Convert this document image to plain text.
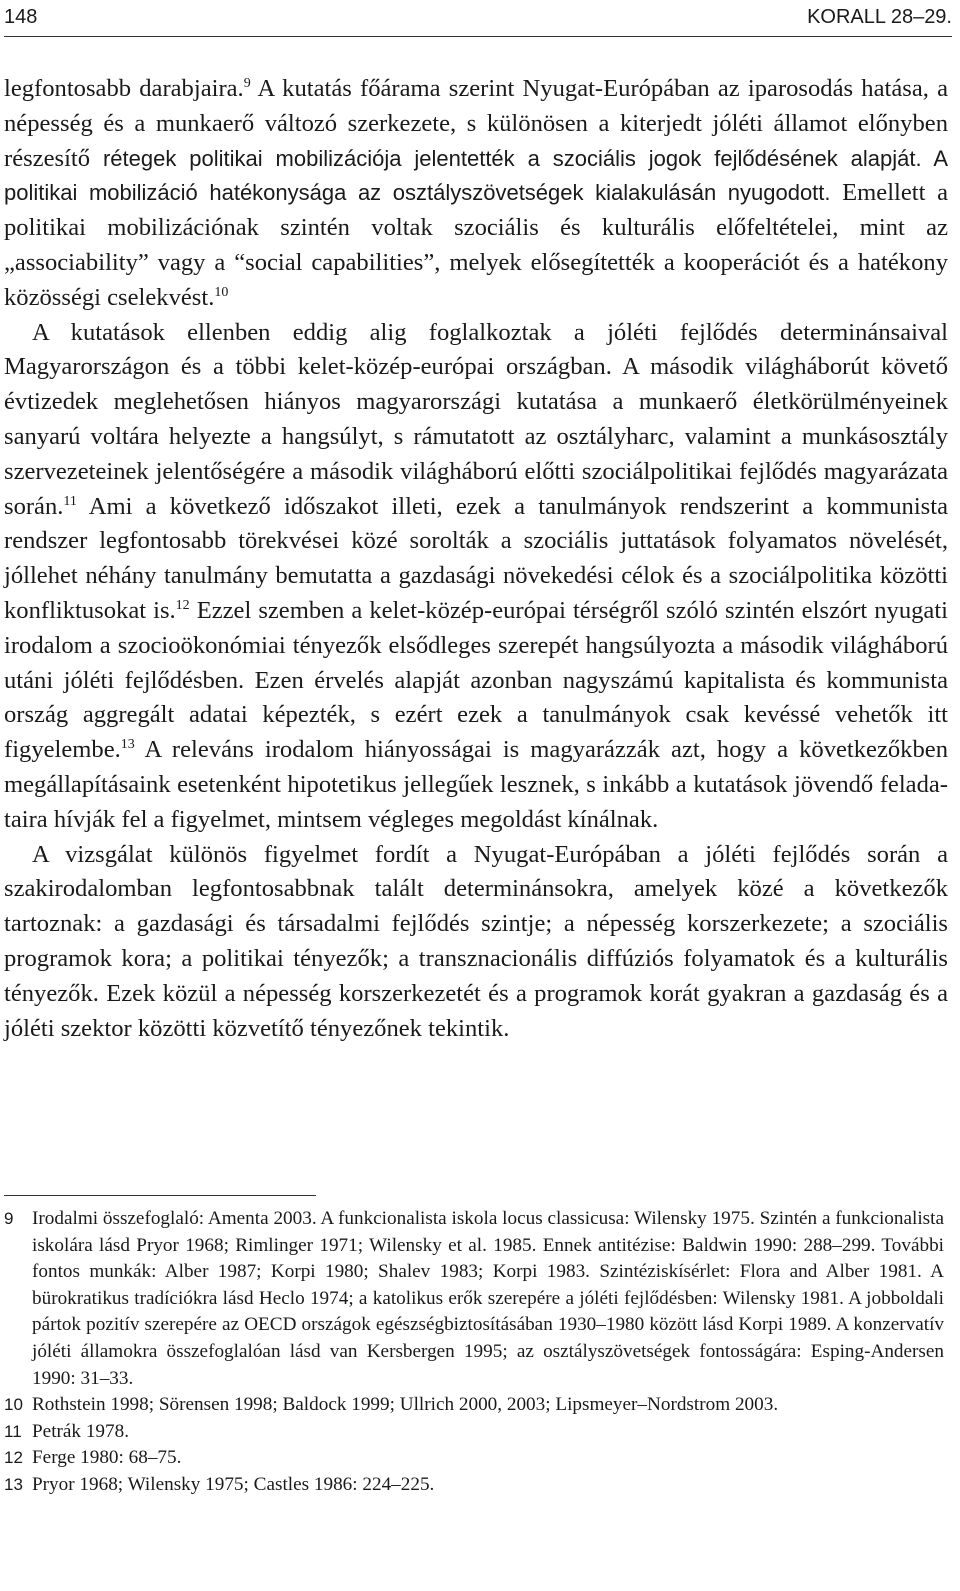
148	KORALL 28–29.

legfontosabb darabjaira.$^9$ A kutatás főárama szerint Nyugat-Európában az iparosodás hatása, a népesség és a munkaerő változó szerkezete, s különösen a kiterjedt jóléti államot előnyben részesítő rétegek politikai mobilizációja jelentették a szociális jogok fejlődésének alapját. A politikai mobilizáció hatékonysága az osztályszövetségek kialakulásán nyugodott. Emellett a politikai mobilizációnak szintén voltak szociális és kulturális előfeltételei, mint az „associability” vagy a “social capabilities”, melyek elősegítették a kooperációt és a hatékony közösségi cselekvést.$^{10}$

A kutatások ellenben eddig alig foglalkoztak a jóléti fejlődés determinánsaival Magyarországon és a többi kelet-közép-európai országban. A második világháborút követő évtizedek meglehetősen hiányos magyarországi kutatása a munkaerő életkörülményeinek sanyarú voltára helyezte a hangsúlyt, s rámutatott az osztályharc, valamint a munkásosztály szervezeteinek jelentőségére a második világháború előtti szociálpolitikai fejlődés magyarázata során.$^{11}$ Ami a következő időszakot illeti, ezek a tanulmányok rendszerint a kommunista rendszer legfontosabb törekvései közé sorolták a szociális juttatások folyamatos növelését, jóllehet néhány tanulmány bemutatta a gazdasági növekedési célok és a szociálpolitika közötti konfliktusokat is.$^{12}$ Ezzel szemben a kelet-közép-európai térségről szóló szintén elszórt nyugati irodalom a szocioökonómiai tényezők elsődleges szerepét hangsúlyozta a második világháború utáni jóléti fejlődésben. Ezen érvelés alapját azonban nagyszámú kapitalista és kommunista ország aggregált adatai képezték, s ezért ezek a tanulmányok csak kevéssé vehetők itt figyelembe.$^{13}$ A releváns irodalom hiányosságai is magyarázzák azt, hogy a következőkben megállapításaink esetenként hipotetikus jellegűek lesznek, s inkább a kutatások jövendő feladataira hívják fel a figyelmet, mintsem végleges megoldást kínálnak.

A vizsgálat különös figyelmet fordít a Nyugat-Európában a jóléti fejlődés során a szakirodalomban legfontosabbnak talált determinánsokra, amelyek közé a következők tartoznak: a gazdasági és társadalmi fejlődés szintje; a népesség korszerkezete; a szociális programok kora; a politikai tényezők; a transznacionális diffúziós folyamatok és a kulturális tényezők. Ezek közül a népesség korszerkezetét és a programok korát gyakran a gazdaság és a jóléti szektor közötti közvetítő tényezőnek tekintik.

9 Irodalmi összefoglaló: Amenta 2003. A funkcionalista iskola locus classicusa: Wilensky 1975. Szintén a funkcionalista iskolára lásd Pryor 1968; Rimlinger 1971; Wilensky et al. 1985. Ennek antitézise: Baldwin 1990: 288–299. További fontos munkák: Alber 1987; Korpi 1980; Shalev 1983; Korpi 1983. Szintéziskísérlet: Flora and Alber 1981. A bürokratikus tradíciókra lásd Heclo 1974; a katolikus erők szerepére a jóléti fejlődésben: Wilensky 1981. A jobboldali pártok pozitív szerepére az OECD országok egészségbiztosításában 1930–1980 között lásd Korpi 1989. A konzervatív jóléti államokra összefoglalóan lásd van Kersbergen 1995; az osztályszövetségek fontosságára: Esping-Andersen 1990: 31–33.
10 Rothstein 1998; Sörensen 1998; Baldock 1999; Ullrich 2000, 2003; Lipsmeyer–Nordstrom 2003.
11 Petrák 1978.
12 Ferge 1980: 68–75.
13 Pryor 1968; Wilensky 1975; Castles 1986: 224–225.
